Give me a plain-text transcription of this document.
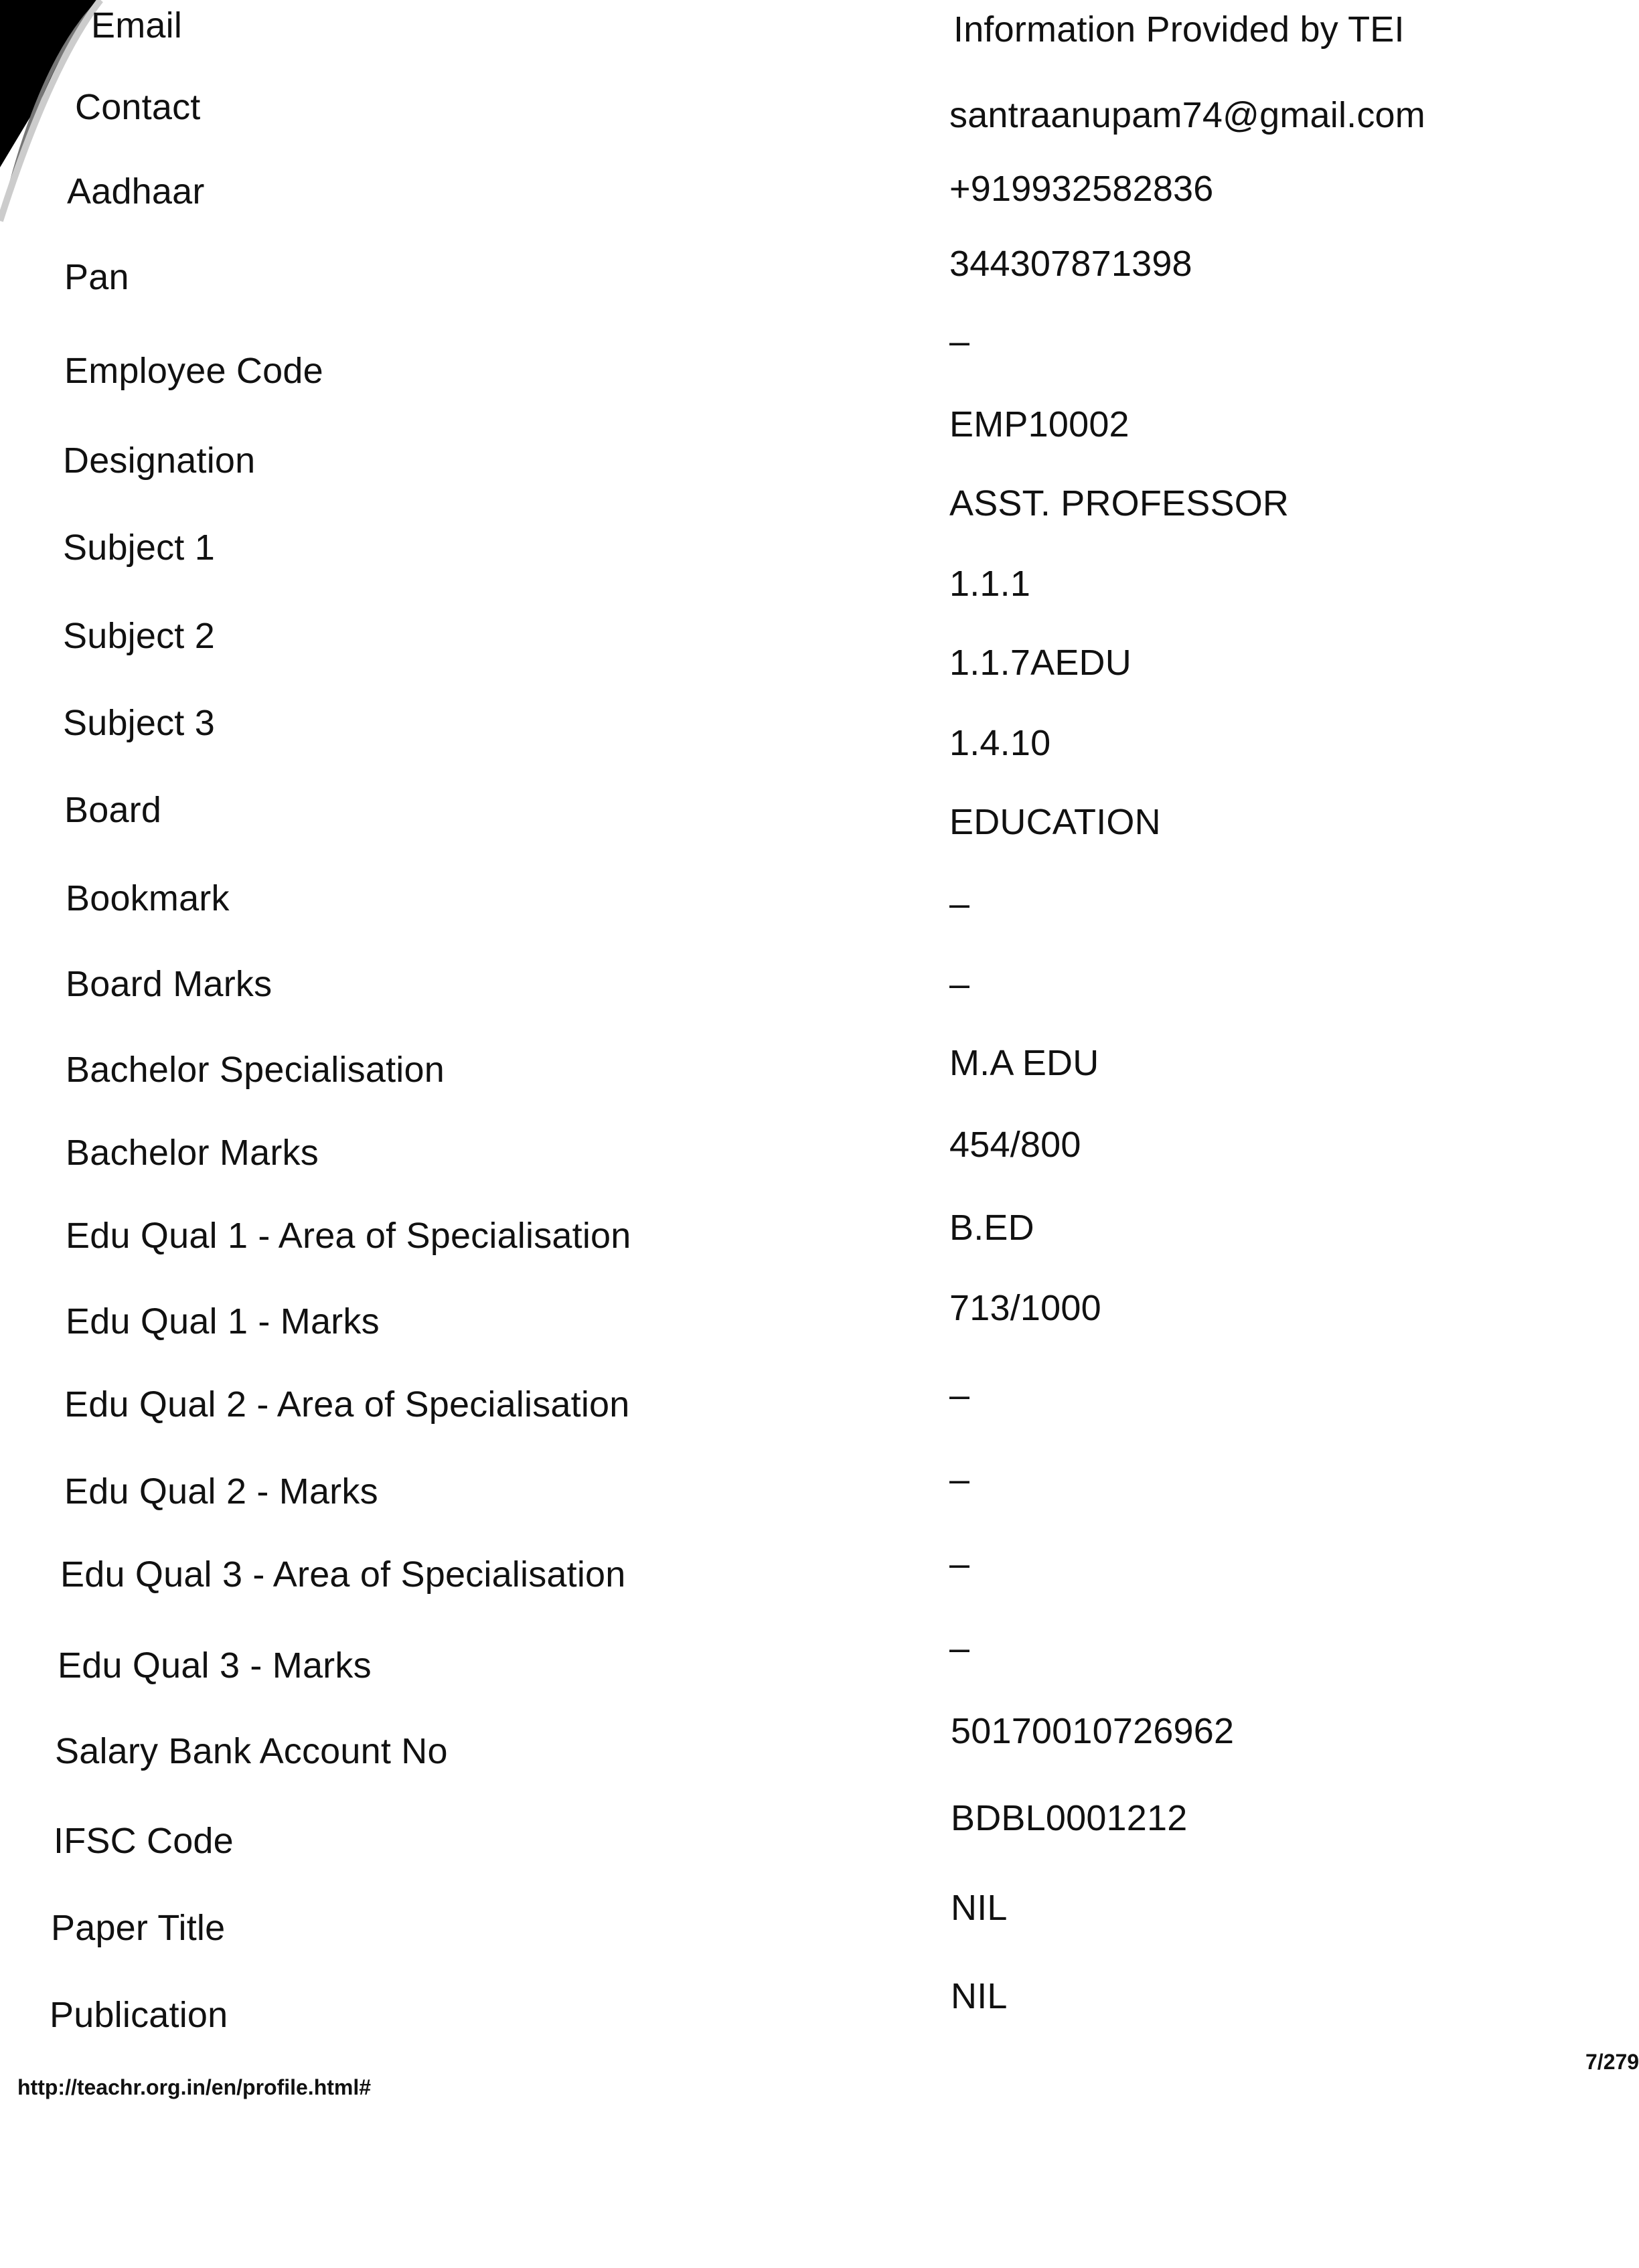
Email
Contact
Aadhaar
Pan
Employee Code
Designation
Subject 1
Subject 2
Subject 3
Board
Bookmark
Board Marks
Bachelor Specialisation
Bachelor Marks
Edu Qual 1 - Area of Specialisation
Edu Qual 1 - Marks
Edu Qual 2 - Area of Specialisation
Edu Qual 2 - Marks
Edu Qual 3 - Area of Specialisation
Edu Qual 3 - Marks
Salary Bank Account No
IFSC Code
Paper Title
Publication
Information Provided by TEI
santraanupam74@gmail.com
+919932582836
344307871398
–
EMP10002
ASST. PROFESSOR
1.1.1
1.1.7AEDU
1.4.10
EDUCATION
–
–
M.A EDU
454/800
B.ED
713/1000
–
–
–
–
50170010726962
BDBL0001212
NIL
NIL
http://teachr.org.in/en/profile.html#
7/279
